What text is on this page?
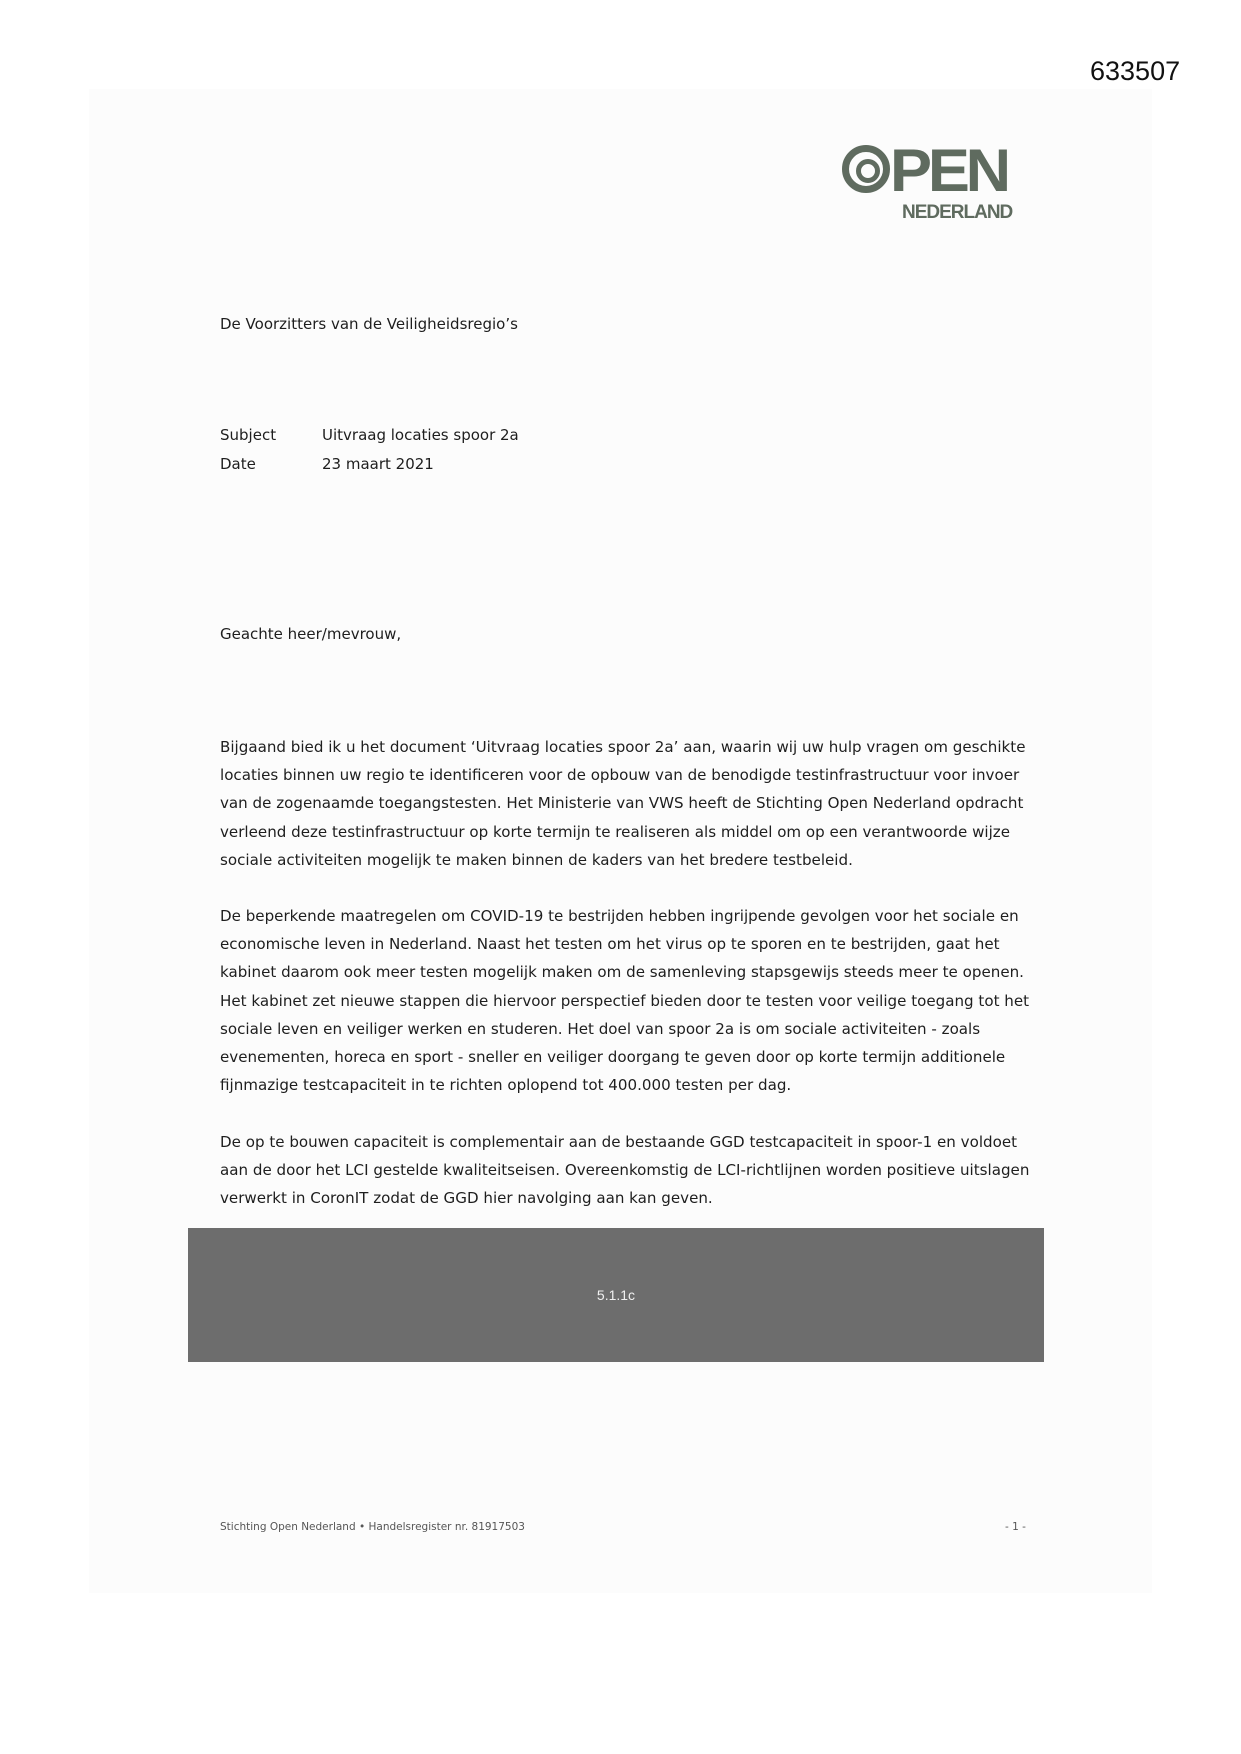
633507
PEN
NEDERLAND
De Voorzitters van de Veiligheidsregio’s
Subject	Uitvraag locaties spoor 2a
Date	23 maart 2021
Geachte heer/mevrouw,
Bijgaand bied ik u het document ‘Uitvraag locaties spoor 2a’ aan, waarin wij uw hulp vragen om geschikte
locaties binnen uw regio te identificeren voor de opbouw van de benodigde testinfrastructuur voor invoer
van de zogenaamde toegangstesten. Het Ministerie van VWS heeft de Stichting Open Nederland opdracht
verleend deze testinfrastructuur op korte termijn te realiseren als middel om op een verantwoorde wijze
sociale activiteiten mogelijk te maken binnen de kaders van het bredere testbeleid.
De beperkende maatregelen om COVID-19 te bestrijden hebben ingrijpende gevolgen voor het sociale en
economische leven in Nederland. Naast het testen om het virus op te sporen en te bestrijden, gaat het
kabinet daarom ook meer testen mogelijk maken om de samenleving stapsgewijs steeds meer te openen.
Het kabinet zet nieuwe stappen die hiervoor perspectief bieden door te testen voor veilige toegang tot het
sociale leven en veiliger werken en studeren. Het doel van spoor 2a is om sociale activiteiten - zoals
evenementen, horeca en sport - sneller en veiliger doorgang te geven door op korte termijn additionele
fijnmazige testcapaciteit in te richten oplopend tot 400.000 testen per dag.
De op te bouwen capaciteit is complementair aan de bestaande GGD testcapaciteit in spoor-1 en voldoet
aan de door het LCI gestelde kwaliteitseisen. Overeenkomstig de LCI-richtlijnen worden positieve uitslagen
verwerkt in CoronIT zodat de GGD hier navolging aan kan geven.
5.1.1c
Stichting Open Nederland • Handelsregister nr. 81917503	- 1 -
